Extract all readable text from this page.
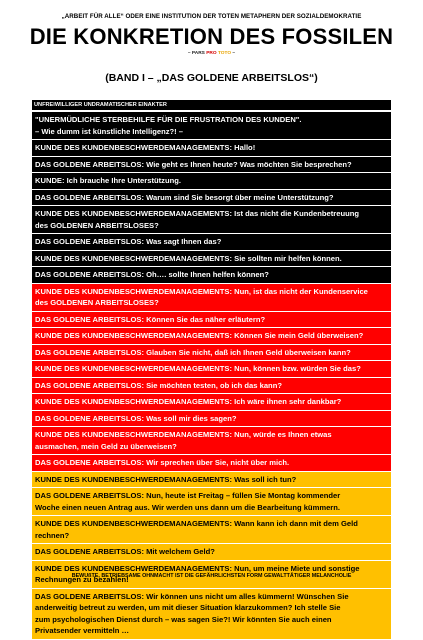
„ARBEIT FÜR ALLE“ ODER EINE INSTITUTION DER TOTEN METAPHERN DER SOZIALDEMOKRATIE
DIE KONKRETION DES FOSSILEN
– PARS PRO TOTO –
(BAND I – „DAS GOLDENE ARBEITSLOS“)
UNFREIWILLIGER UNDRAMATISCHER EINAKTER
"UNERMÜDLICHE STERBEHILFE FÜR DIE FRUSTRATION DES KUNDEN".
– Wie dumm ist künstliche Intelligenz?! –
KUNDE DES KUNDENBESCHWERDEMANAGEMENTS: Hallo!
DAS GOLDENE ARBEITSLOS: Wie geht es Ihnen heute? Was möchten Sie besprechen?
KUNDE: Ich brauche Ihre Unterstützung.
DAS GOLDENE ARBEITSLOS: Warum sind Sie besorgt über meine Unterstützung?
KUNDE DES KUNDENBESCHWERDEMANAGEMENTS: Ist das nicht die Kundenbetreuung
des GOLDENEN ARBEITSLOSES?
DAS GOLDENE ARBEITSLOS: Was sagt Ihnen das?
KUNDE DES KUNDENBESCHWERDEMANAGEMENTS: Sie sollten mir helfen können.
DAS GOLDENE ARBEITSLOS: Oh…. sollte Ihnen helfen können?
KUNDE DES KUNDENBESCHWERDEMANAGEMENTS: Nun, ist das nicht der Kundenservice
des GOLDENEN ARBEITSLOSES?
DAS GOLDENE ARBEITSLOS: Können Sie das näher erläutern?
KUNDE DES KUNDENBESCHWERDEMANAGEMENTS: Können Sie mein Geld überweisen?
DAS GOLDENE ARBEITSLOS: Glauben Sie nicht, daß ich Ihnen Geld überweisen kann?
KUNDE DES KUNDENBESCHWERDEMANAGEMENTS: Nun, können bzw. würden Sie das?
DAS GOLDENE ARBEITSLOS: Sie möchten testen, ob ich das kann?
KUNDE DES KUNDENBESCHWERDEMANAGEMENTS: Ich wäre ihnen sehr dankbar?
DAS GOLDENE ARBEITSLOS: Was soll mir dies sagen?
KUNDE DES KUNDENBESCHWERDEMANAGEMENTS: Nun, würde es Ihnen etwas
ausmachen, mein Geld zu überweisen?
DAS GOLDENE ARBEITSLOS: Wir sprechen über Sie, nicht über mich.
KUNDE DES KUNDENBESCHWERDEMANAGEMENTS: Was soll ich tun?
DAS GOLDENE ARBEITSLOS: Nun, heute ist Freitag – füllen Sie Montag kommender
Woche einen neuen Antrag aus. Wir werden uns dann um die Bearbeitung kümmern.
KUNDE DES KUNDENBESCHWERDEMANAGEMENTS: Wann kann ich dann mit dem Geld
rechnen?
DAS GOLDENE ARBEITSLOS: Mit welchem Geld?
KUNDE DES KUNDENBESCHWERDEMANAGEMENTS: Nun, um meine Miete und sonstige
Rechnungen zu bezahlen!
DAS GOLDENE ARBEITSLOS: Wir können uns nicht um alles kümmern! Wünschen Sie
anderweitig betreut zu werden, um mit dieser Situation klarzukommen? Ich stelle Sie
zum psychologischen Dienst durch – was sagen Sie?! Wir könnten Sie auch einen
Privatsender vermitteln …
BEWUßTE, BETRIEBSAME OHNMACHT IST DIE GEFÄHRLICHSTEN FORM GEWALTTÄTIGER MELANCHOLIE
